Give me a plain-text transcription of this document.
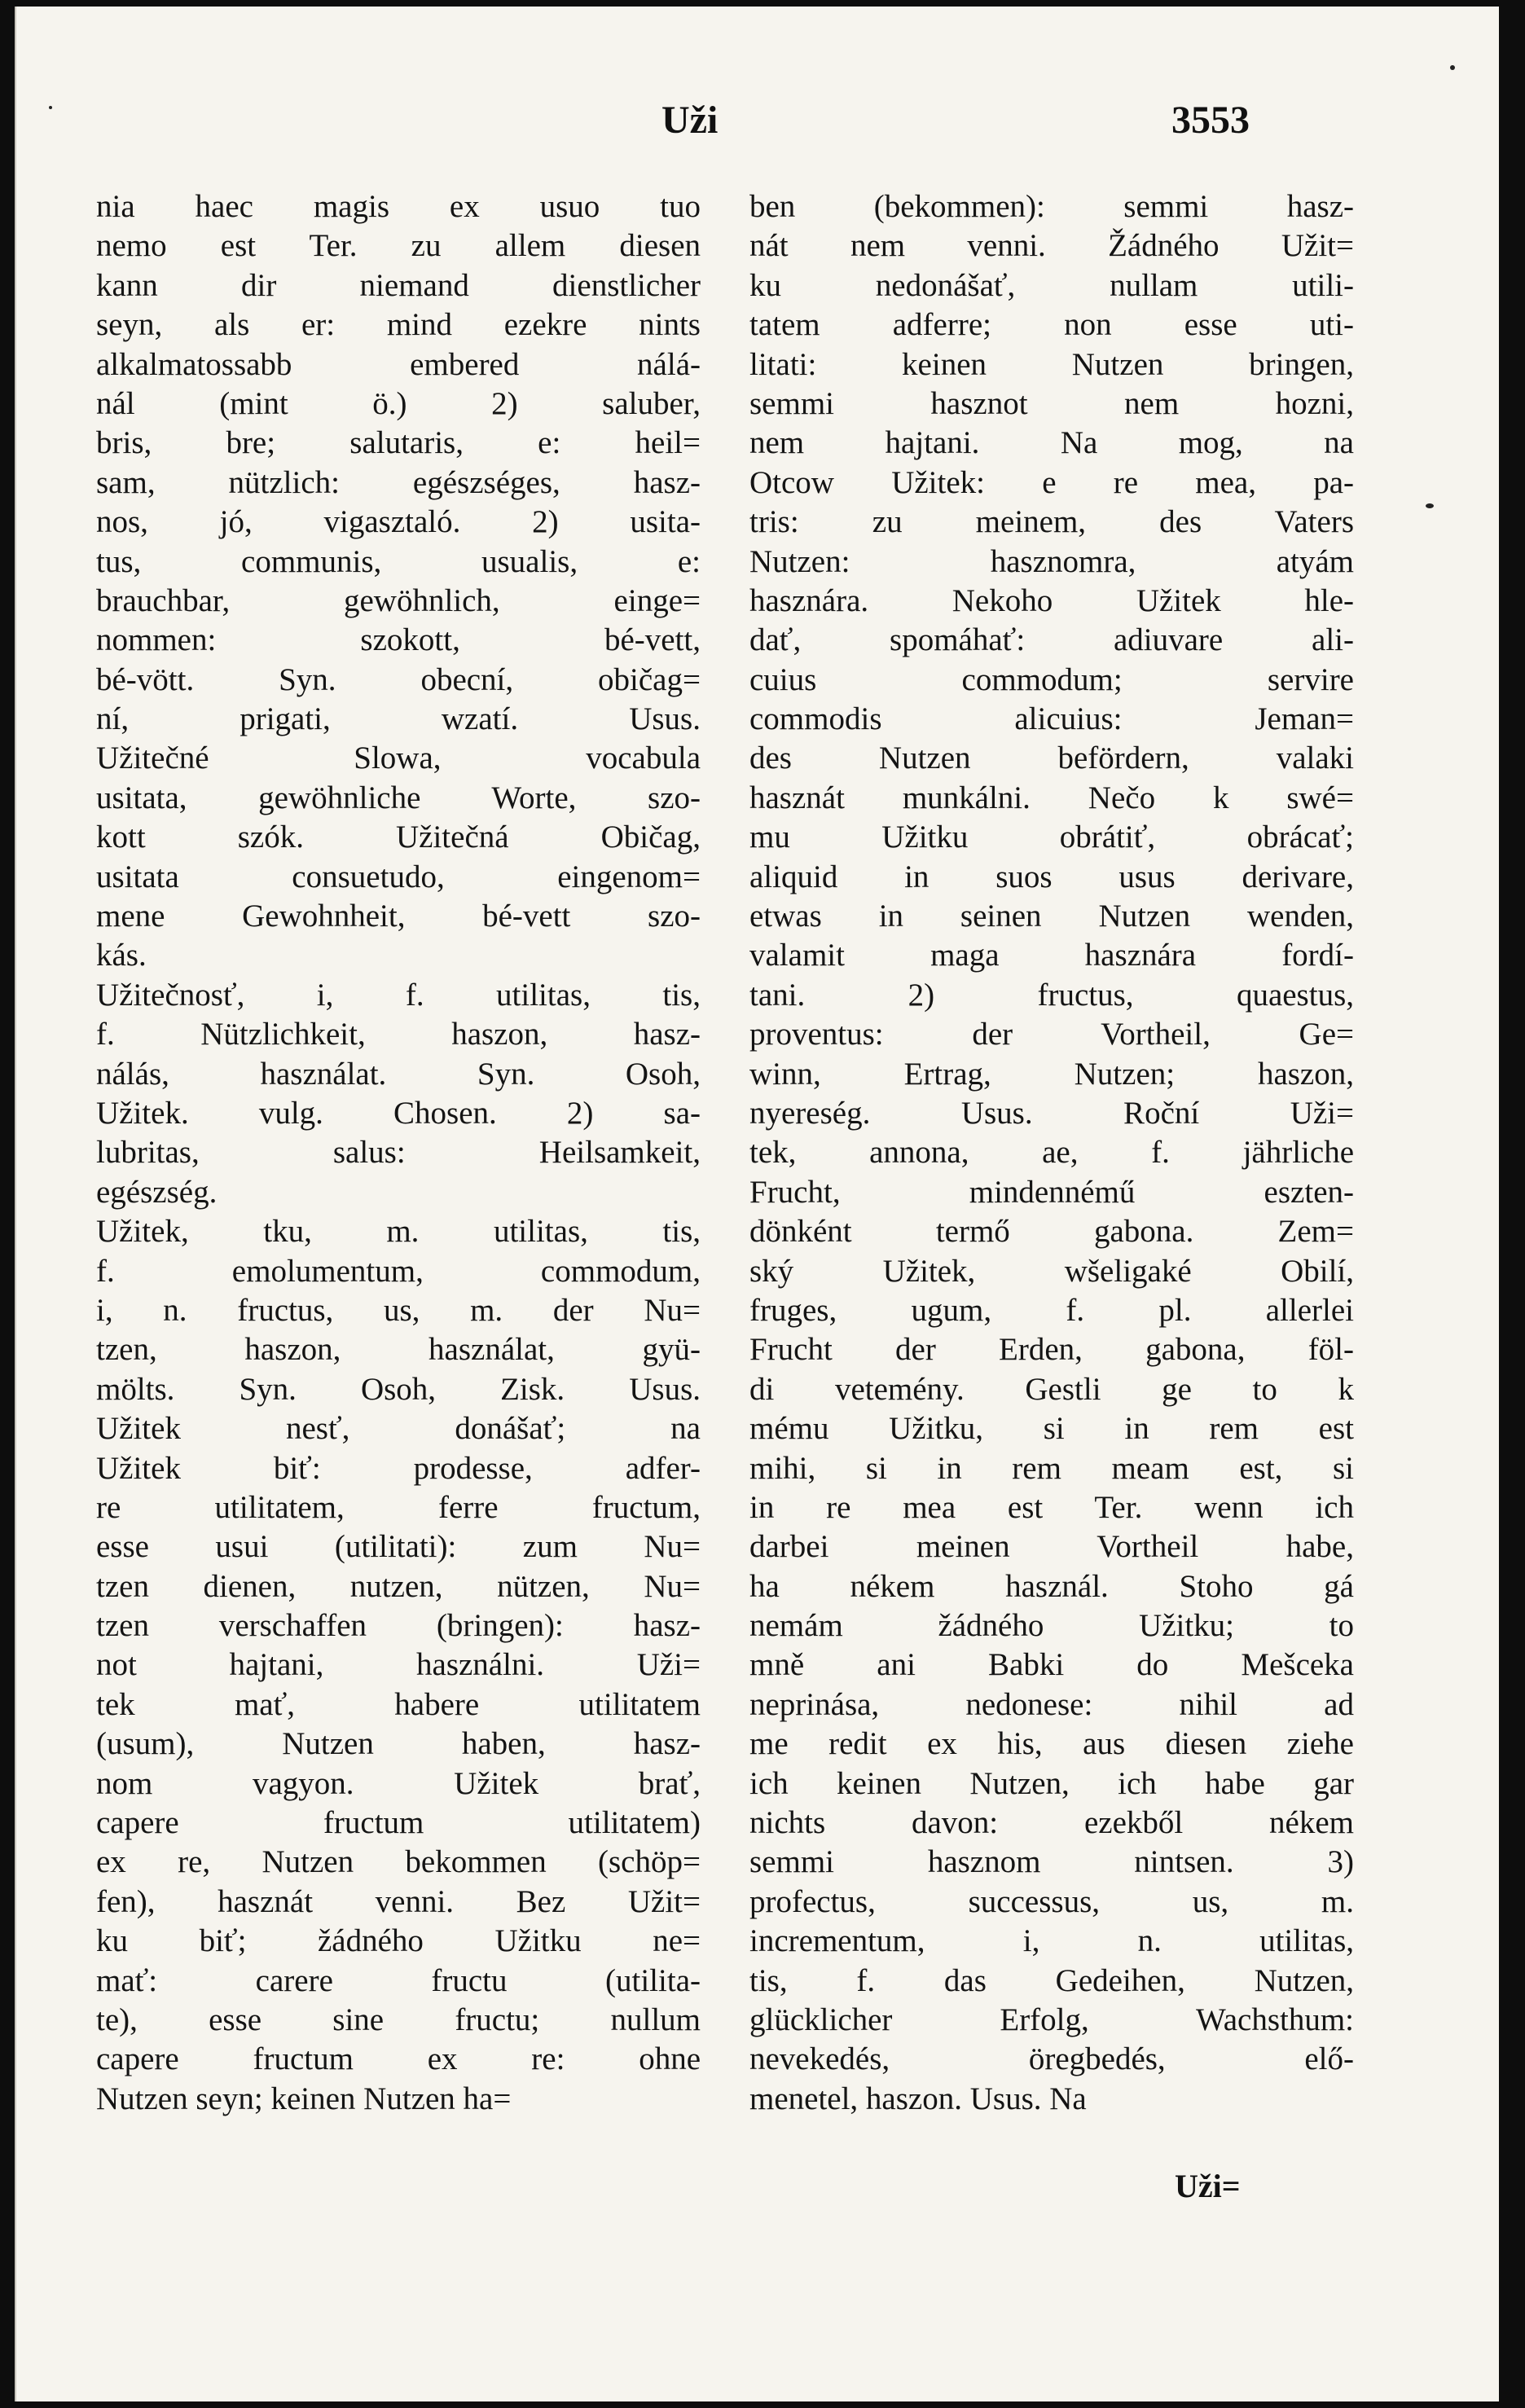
Uži	3553
nia haec magis ex usuo tuo
nemo est Ter. zu allem diesen
kann dir niemand dienstlicher
seyn, als er: mind ezekre nints
alkalmatossabb embered nálá-
nál (mint ö.) 2) saluber,
bris, bre; salutaris, e: heil=
sam, nützlich: egészséges, hasz-
nos, jó, vigasztaló. 2) usita-
tus, communis, usualis, e:
brauchbar, gewöhnlich, einge=
nommen: szokott, bé-vett,
bé-vött. Syn. obecní, običag=
ní, prigati, wzatí. Usus.
Užitečné Slowa, vocabula
usitata, gewöhnliche Worte, szo-
kott szók. Užitečná Običag,
usitata consuetudo, eingenom=
mene Gewohnheit, bé-vett szo-
kás.
Užitečnosť, i, f. utilitas, tis,
f. Nützlichkeit, haszon, hasz-
nálás, használat. Syn. Osoh,
Užitek. vulg. Chosen. 2) sa-
lubritas, salus: Heilsamkeit,
egészség.
Užitek, tku, m. utilitas, tis,
f. emolumentum, commodum,
i, n. fructus, us, m. der Nu=
tzen, haszon, használat, gyü-
mölts. Syn. Osoh, Zisk. Usus.
Užitek nesť, donášať; na
Užitek biť: prodesse, adfer-
re utilitatem, ferre fructum,
esse usui (utilitati): zum Nu=
tzen dienen, nutzen, nützen, Nu=
tzen verschaffen (bringen): hasz-
not hajtani, használni. Uži=
tek mať, habere utilitatem
(usum), Nutzen haben, hasz-
nom vagyon. Užitek brať,
capere fructum utilitatem)
ex re, Nutzen bekommen (schöp=
fen), hasznát venni. Bez Užit=
ku biť; žádného Užitku ne=
mať: carere fructu (utilita-
te), esse sine fructu; nullum
capere fructum ex re: ohne
Nutzen seyn; keinen Nutzen ha=
ben (bekommen): semmi hasz-
nát nem venni. Žádného Užit=
ku nedonášať, nullam utili-
tatem adferre; non esse uti-
litati: keinen Nutzen bringen,
semmi hasznot nem hozni,
nem hajtani. Na mog, na
Otcow Užitek: e re mea, pa-
tris: zu meinem, des Vaters
Nutzen: hasznomra, atyám
hasznára. Nekoho Užitek hle-
dať, spomáhať: adiuvare ali-
cuius commodum; servire
commodis alicuius: Jeman=
des Nutzen befördern, valaki
hasznát munkálni. Nečo k swé=
mu Užitku obrátiť, obrácať;
aliquid in suos usus derivare,
etwas in seinen Nutzen wenden,
valamit maga hasznára fordí-
tani. 2) fructus, quaestus,
proventus: der Vortheil, Ge=
winn, Ertrag, Nutzen; haszon,
nyereség. Usus. Roční Uži=
tek, annona, ae, f. jährliche
Frucht, mindennémű eszten-
dönként termő gabona. Zem=
ský Užitek, wšeligaké Obilí,
fruges, ugum, f. pl. allerlei
Frucht der Erden, gabona, föl-
di vetemény. Gestli ge to k
mému Užitku, si in rem est
mihi, si in rem meam est, si
in re mea est Ter. wenn ich
darbei meinen Vortheil habe,
ha nékem használ. Stoho gá
nemám žádného Užitku; to
mně ani Babki do Mešceka
neprinása, nedonese: nihil ad
me redit ex his, aus diesen ziehe
ich keinen Nutzen, ich habe gar
nichts davon: ezekből nékem
semmi hasznom nintsen. 3)
profectus, successus, us, m.
incrementum, i, n. utilitas,
tis, f. das Gedeihen, Nutzen,
glücklicher Erfolg, Wachsthum:
nevekedés, öregbedés, elő-
menetel, haszon. Usus. Na
Uži=
